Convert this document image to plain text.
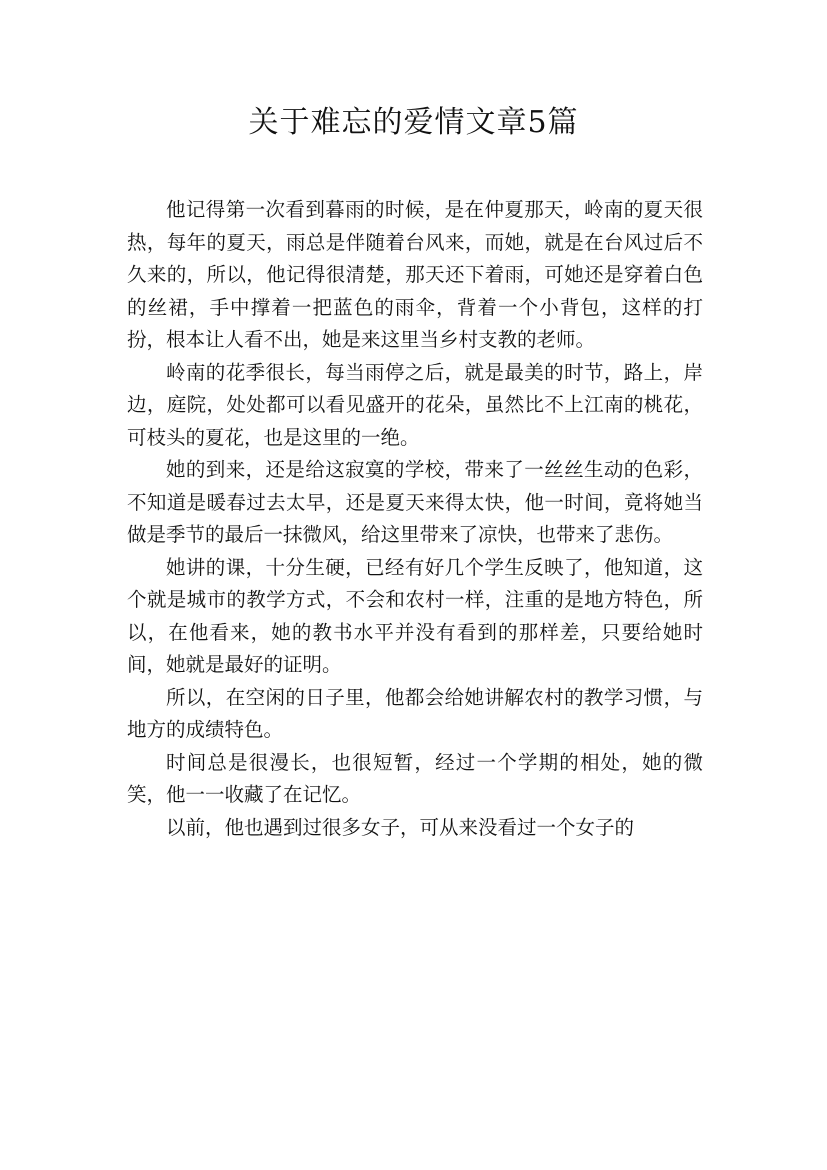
关于难忘的爱情文章5篇

他记得第一次看到暮雨的时候，是在仲夏那天，岭南的夏天很热，每年的夏天，雨总是伴随着台风来，而她，就是在台风过后不久来的，所以，他记得很清楚，那天还下着雨，可她还是穿着白色的丝裙，手中撑着一把蓝色的雨伞，背着一个小背包，这样的打扮，根本让人看不出，她是来这里当乡村支教的老师。

岭南的花季很长，每当雨停之后，就是最美的时节，路上，岸边，庭院，处处都可以看见盛开的花朵，虽然比不上江南的桃花，可枝头的夏花，也是这里的一绝。

她的到来，还是给这寂寞的学校，带来了一丝丝生动的色彩，不知道是暖春过去太早，还是夏天来得太快，他一时间，竟将她当做是季节的最后一抹微风，给这里带来了凉快，也带来了悲伤。

她讲的课，十分生硬，已经有好几个学生反映了，他知道，这个就是城市的教学方式，不会和农村一样，注重的是地方特色，所以，在他看来，她的教书水平并没有看到的那样差，只要给她时间，她就是最好的证明。

所以，在空闲的日子里，他都会给她讲解农村的教学习惯，与地方的成绩特色。

时间总是很漫长，也很短暂，经过一个学期的相处，她的微笑，他一一收藏了在记忆。

以前，他也遇到过很多女子，可从来没看过一个女子的
